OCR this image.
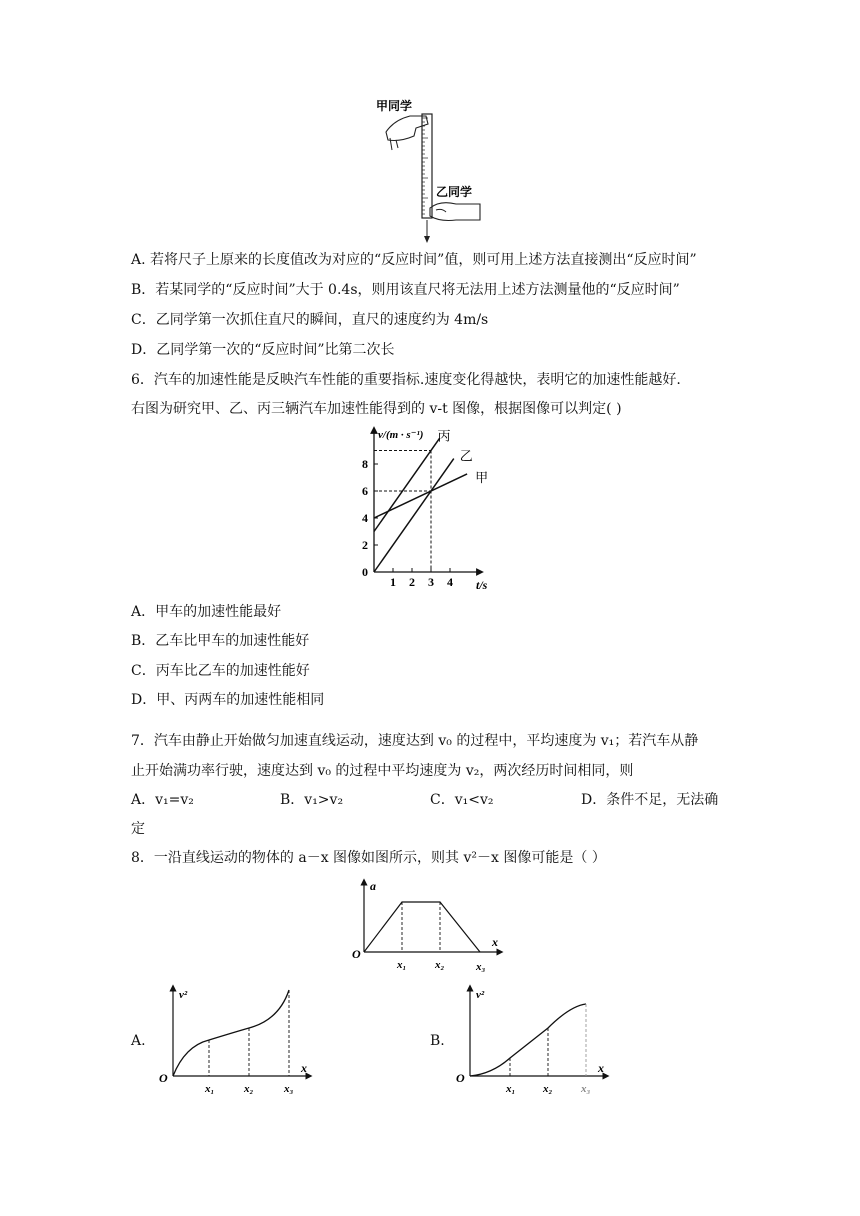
甲同学
乙同学
A. 若将尺子上原来的长度值改为对应的“反应时间”值，则可用上述方法直接测出“反应时间”
B．若某同学的“反应时间”大于 0.4s，则用该直尺将无法用上述方法测量他的“反应时间”
C．乙同学第一次抓住直尺的瞬间，直尺的速度约为 4m/s
D．乙同学第一次的“反应时间”比第二次长
6．汽车的加速性能是反映汽车性能的重要指标.速度变化得越快，表明它的加速性能越好.
右图为研究甲、乙、丙三辆汽车加速性能得到的 v-t 图像，根据图像可以判定( )
v/(m · s⁻¹)
t/s
0
1 2 3 4
2
4
6
8
丙
乙
甲
A．甲车的加速性能最好
B．乙车比甲车的加速性能好
C．丙车比乙车的加速性能好
D．甲、丙两车的加速性能相同
7．汽车由静止开始做匀加速直线运动，速度达到 v₀ 的过程中，平均速度为 v₁；若汽车从静
止开始满功率行驶，速度达到 v₀ 的过程中平均速度为 v₂，两次经历时间相同，则
A．v₁=v₂	B．v₁>v₂	C．v₁<v₂	D．条件不足，无法确
定
8．一沿直线运动的物体的 a－x 图像如图所示，则其 v²－x 图像可能是（ ）
a
x
O
x₁	x₂	x₃
A.
v²
x
O
x₁	x₂	x₃
B.
v²
x
O
x₁	x₂	x₃
